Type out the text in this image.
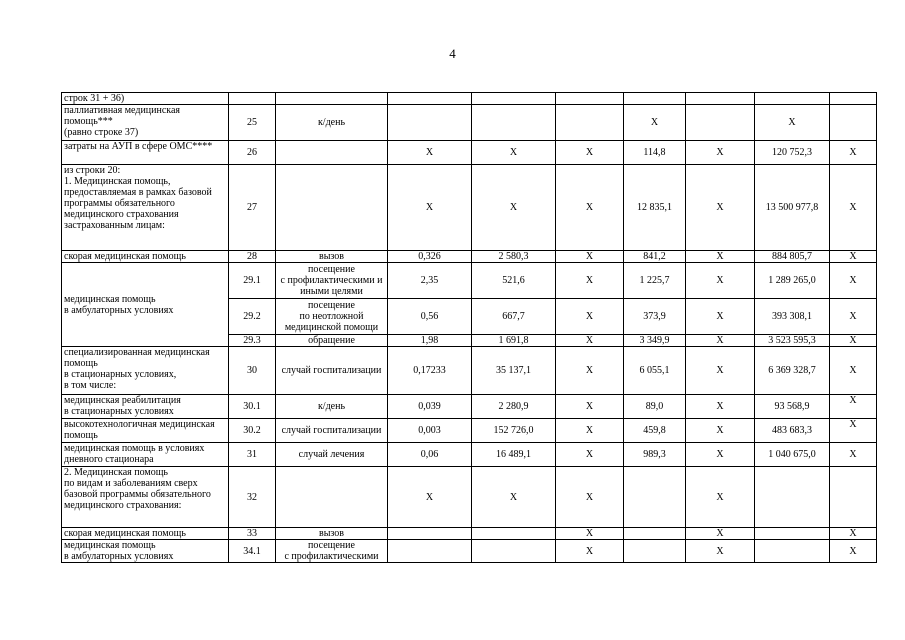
4
строк 31 + 36)									
паллиативная медицинская помощь***
(равно строке 37)	25	к/день				X		X	
затраты на АУП в сфере ОМС****	26		X	X	X	114,8	X	120 752,3	X
из строки 20:
1. Медицинская помощь, предоставляемая в рамках базовой программы обязательного медицинского страхования застрахованным лицам:	27		X	X	X	12 835,1	X	13 500 977,8	X
скорая медицинская помощь	28	вызов	0,326	2 580,3	X	841,2	X	884 805,7	X
медицинская помощь
в амбулаторных условиях	29.1	посещение
с профилактическими и иными целями	2,35	521,6	X	1 225,7	X	1 289 265,0	X
	29.2	посещение
по неотложной медицинской помощи	0,56	667,7	X	373,9	X	393 308,1	X
	29.3	обращение	1,98	1 691,8	X	3 349,9	X	3 523 595,3	X
специализированная медицинская помощь
в стационарных условиях,
в том числе:	30	случай госпитализации	0,17233	35 137,1	X	6 055,1	X	6 369 328,7	X
медицинская реабилитация
в стационарных условиях	30.1	к/день	0,039	2 280,9	X	89,0	X	93 568,9	X
высокотехнологичная медицинская помощь	30.2	случай госпитализации	0,003	152 726,0	X	459,8	X	483 683,3	X
медицинская помощь в условиях дневного стационара	31	случай лечения	0,06	16 489,1	X	989,3	X	1 040 675,0	X
2. Медицинская помощь
по видам и заболеваниям сверх базовой программы обязательного медицинского страхования:	32		X	X	X		X		
скорая медицинская помощь	33	вызов			X		X		X
медицинская помощь
в амбулаторных условиях	34.1	посещение
с профилактическими			X		X		X
